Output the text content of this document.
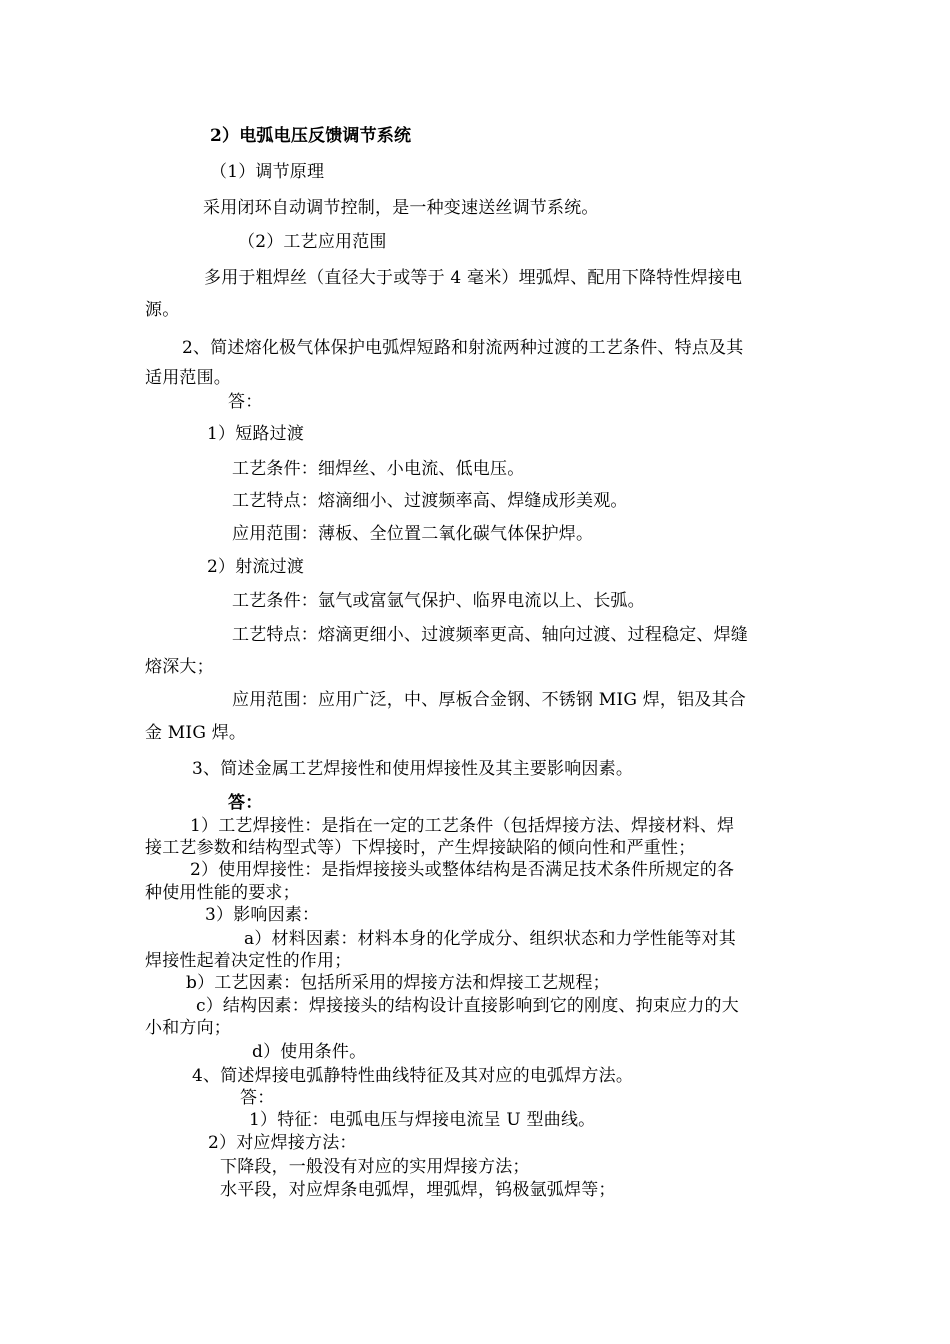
2）电弧电压反馈调节系统

（1）调节原理

采用闭环自动调节控制，是一种变速送丝调节系统。

（2）工艺应用范围

多用于粗焊丝（直径大于或等于 4 毫米）埋弧焊、配用下降特性焊接电

源。

2、简述熔化极气体保护电弧焊短路和射流两种过渡的工艺条件、特点及其

适用范围。

答：

1）短路过渡

工艺条件：细焊丝、小电流、低电压。

工艺特点：熔滴细小、过渡频率高、焊缝成形美观。

应用范围：薄板、全位置二氧化碳气体保护焊。

2）射流过渡

工艺条件：氩气或富氩气保护、临界电流以上、长弧。

工艺特点：熔滴更细小、过渡频率更高、轴向过渡、过程稳定、焊缝

熔深大；

应用范围：应用广泛，中、厚板合金钢、不锈钢 MIG 焊，铝及其合

金 MIG 焊。

3、简述金属工艺焊接性和使用焊接性及其主要影响因素。

答：

1）工艺焊接性：是指在一定的工艺条件（包括焊接方法、焊接材料、焊

接工艺参数和结构型式等）下焊接时，产生焊接缺陷的倾向性和严重性；

2）使用焊接性：是指焊接接头或整体结构是否满足技术条件所规定的各

种使用性能的要求；

3）影响因素：

a）材料因素：材料本身的化学成分、组织状态和力学性能等对其

焊接性起着决定性的作用；

b）工艺因素：包括所采用的焊接方法和焊接工艺规程；

c）结构因素：焊接接头的结构设计直接影响到它的刚度、拘束应力的大

小和方向；

d）使用条件。

4、简述焊接电弧静特性曲线特征及其对应的电弧焊方法。

答：

1）特征：电弧电压与焊接电流呈 U 型曲线。

2）对应焊接方法：

下降段，一般没有对应的实用焊接方法；

水平段，对应焊条电弧焊，埋弧焊，钨极氩弧焊等；
